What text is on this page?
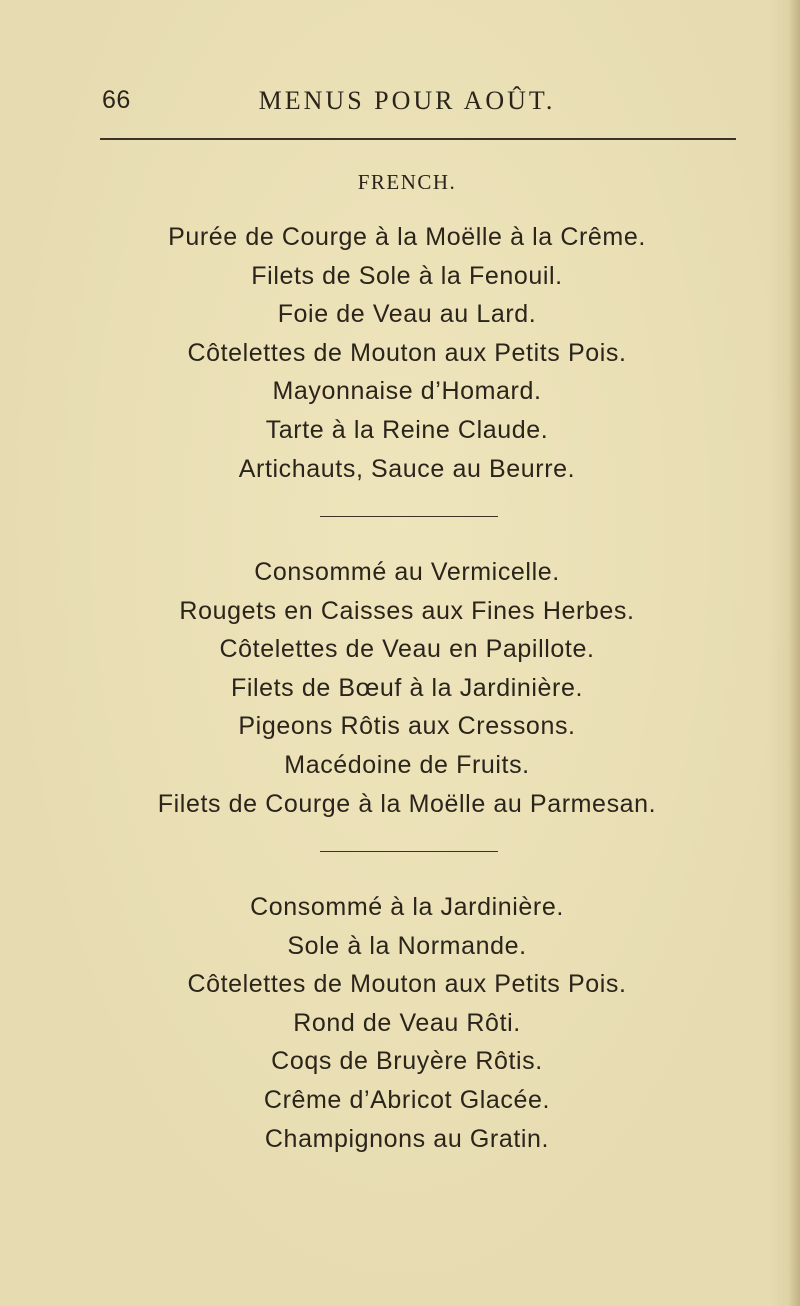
66	MENUS POUR AOÛT.
FRENCH.
Purée de Courge à la Moëlle à la Crême.
Filets de Sole à la Fenouil.
Foie de Veau au Lard.
Côtelettes de Mouton aux Petits Pois.
Mayonnaise d’Homard.
Tarte à la Reine Claude.
Artichauts, Sauce au Beurre.
Consommé au Vermicelle.
Rougets en Caisses aux Fines Herbes.
Côtelettes de Veau en Papillote.
Filets de Bœuf à la Jardinière.
Pigeons Rôtis aux Cressons.
Macédoine de Fruits.
Filets de Courge à la Moëlle au Parmesan.
Consommé à la Jardinière.
Sole à la Normande.
Côtelettes de Mouton aux Petits Pois.
Rond de Veau Rôti.
Coqs de Bruyère Rôtis.
Crême d’Abricot Glacée.
Champignons au Gratin.
